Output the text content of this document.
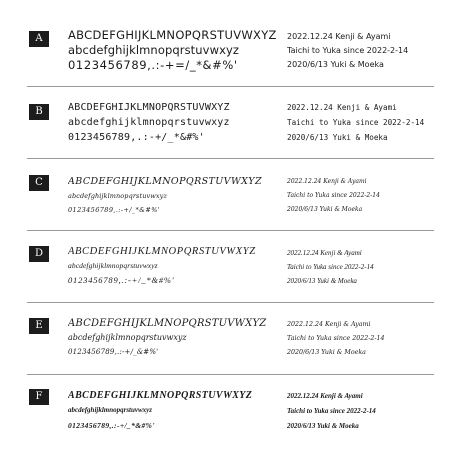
A	ABCDEFGHIJKLMNOPQRSTUVWXYZ
abcdefghijklmnopqrstuvwxyz
0123456789,.:-+=/_*&#%'
2022.12.24 Kenji & Ayami
Taichi to Yuka since 2022-2-14
2020/6/13 Yuki & Moeka
B	ABCDEFGHIJKLMNOPQRSTUVWXYZ
abcdefghijklmnopqrstuvwxyz
0123456789,.:-+/_*&#%'
2022.12.24 Kenji & Ayami
Taichi to Yuka since 2022-2-14
2020/6/13 Yuki & Moeka
C	ABCDEFGHIJKLMNOPQRSTUVWXYZ
abcdefghijklmnopqrstuvwxyz
0123456789,.:-+/_*&#%'
2022.12.24 Kenji & Ayami
Taichi to Yuka since 2022-2-14
2020/6/13 Yuki & Moeka
D	ABCDEFGHIJKLMNOPQRSTUVWXYZ
abcdefghijklmnopqrstuvwxyz
0123456789,.:-+/_*&#%'
2022.12.24 Kenji & Ayami
Taichi to Yuka since 2022-2-14
2020/6/13 Yuki & Moeka
E	ABCDEFGHIJKLMNOPQRSTUVWXYZ
abcdefghijklmnopqrstuvwxyz
0123456789,.:-+/_&#%'
2022.12.24 Kenji & Ayami
Taichi to Yuka since 2022-2-14
2020/6/13 Yuki & Moeka
F	ABCDEFGHIJKLMNOPQRSTUVWXYZ
abcdefghijklmnopqrstuvwxyz
0123456789,.:-+/_*&#%'
2022.12.24 Kenji & Ayami
Taichi to Yuka since 2022-2-14
2020/6/13 Yuki & Moeka
